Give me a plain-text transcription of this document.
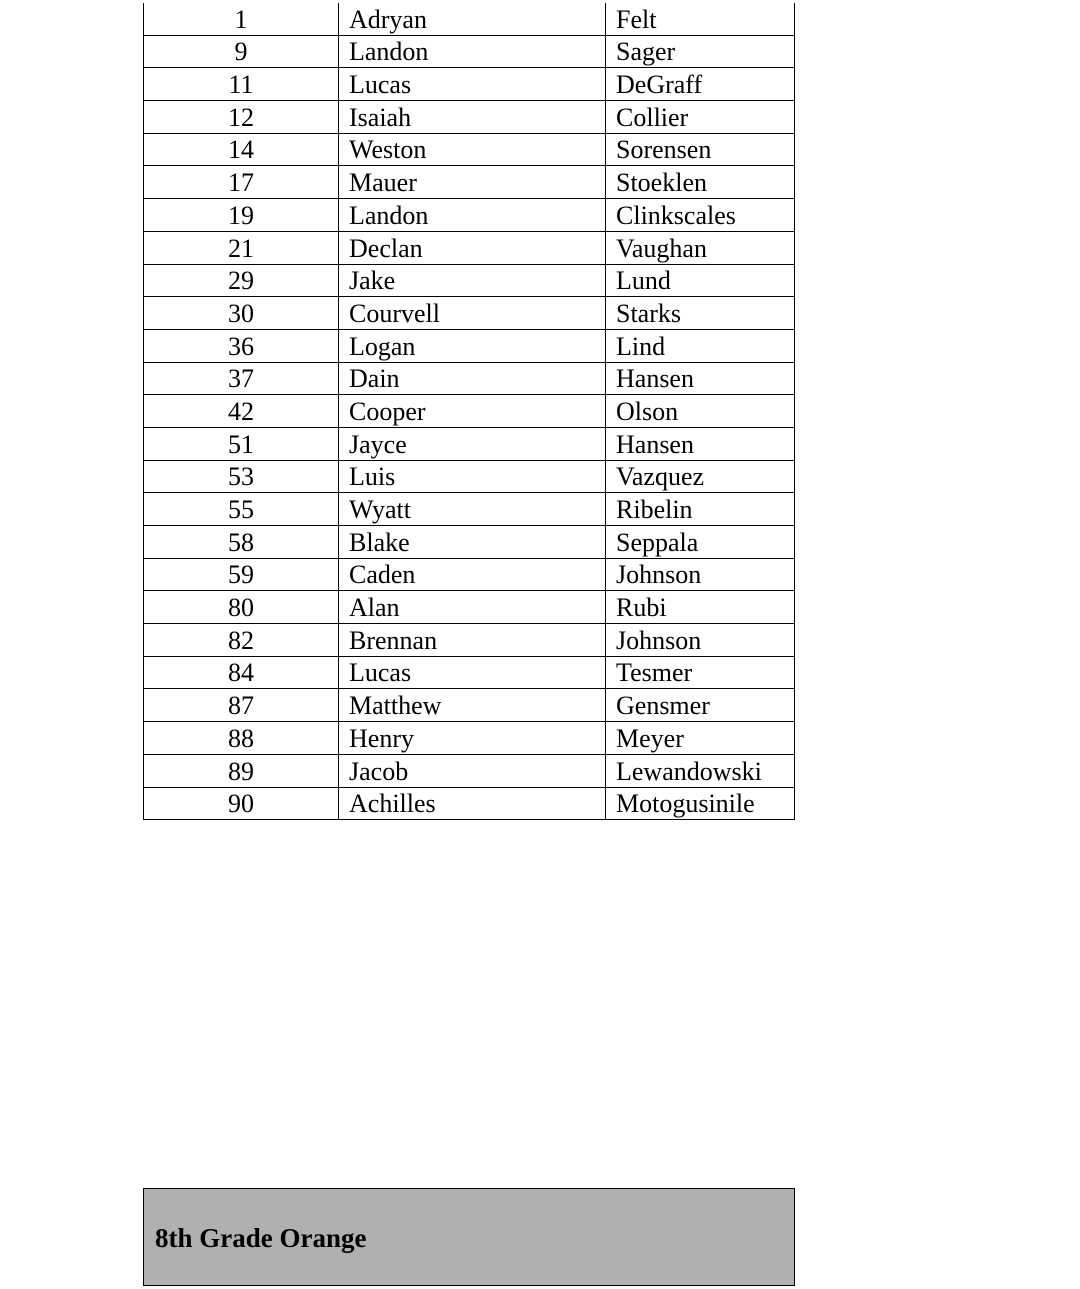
1	Adryan	Felt
9	Landon	Sager
11	Lucas	DeGraff
12	Isaiah	Collier
14	Weston	Sorensen
17	Mauer	Stoeklen
19	Landon	Clinkscales
21	Declan	Vaughan
29	Jake	Lund
30	Courvell	Starks
36	Logan	Lind
37	Dain	Hansen
42	Cooper	Olson
51	Jayce	Hansen
53	Luis	Vazquez
55	Wyatt	Ribelin
58	Blake	Seppala
59	Caden	Johnson
80	Alan	Rubi
82	Brennan	Johnson
84	Lucas	Tesmer
87	Matthew	Gensmer
88	Henry	Meyer
89	Jacob	Lewandowski
90	Achilles	Motogusinile
8th Grade Orange
